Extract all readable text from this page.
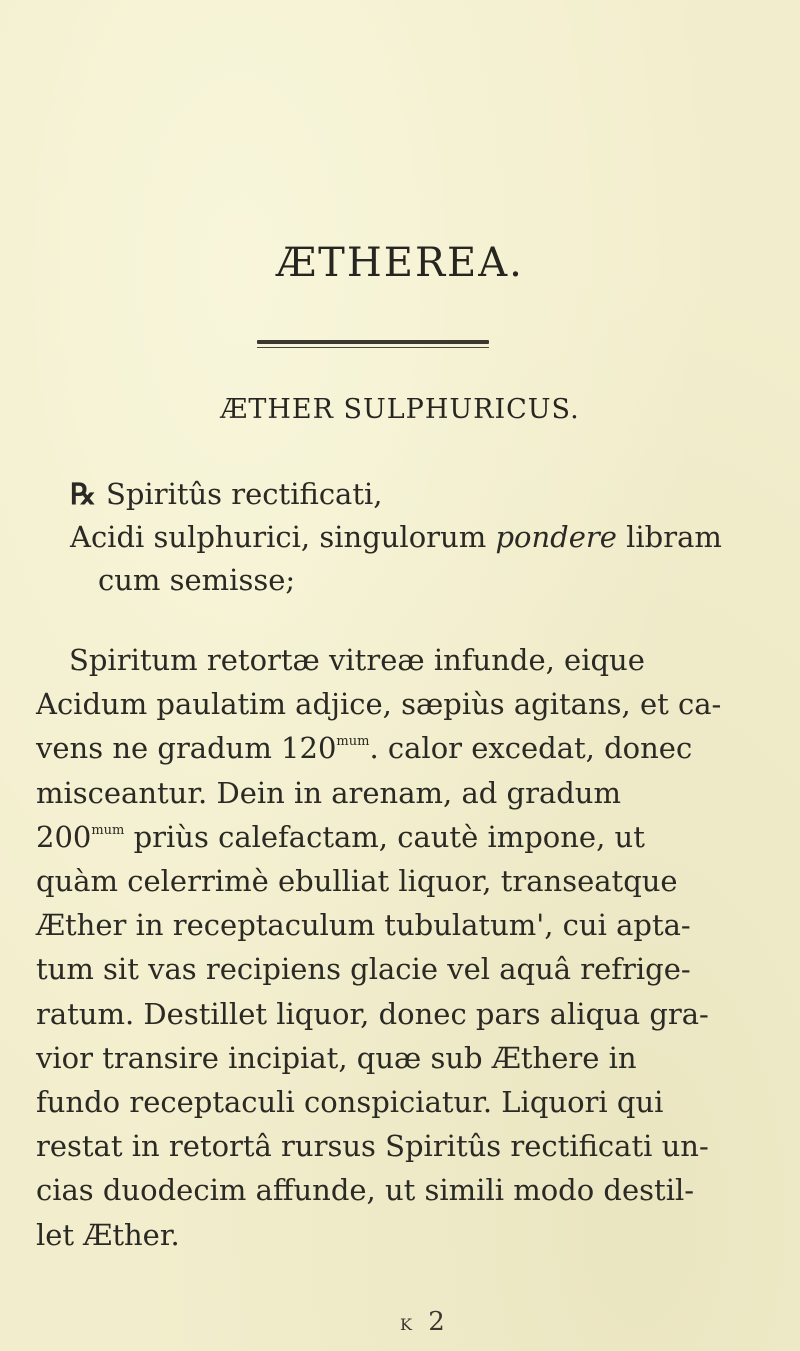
ÆTHEREA.
ÆTHER SULPHURICUS.
℞ Spiritûs rectificati,
Acidi sulphurici, singulorum pondere libram
cum semisse;
Spiritum retortæ vitreæ infunde, eique
Acidum paulatim adjice, sæpiùs agitans, et ca-
vens ne gradum $120^{mum}$. calor excedat, donec
misceantur. Dein in arenam, ad gradum
$200^{mum}$ priùs calefactam, cautè impone, ut
quàm celerrimè ebulliat liquor, transeatque
Æther in receptaculum tubulatum', cui apta-
tum sit vas recipiens glacie vel aquâ refrige-
ratum. Destillet liquor, donec pars aliqua gra-
vior transire incipiat, quæ sub Æthere in
fundo receptaculi conspiciatur. Liquori qui
restat in retortâ rursus Spiritûs rectificati un-
cias duodecim affunde, ut simili modo destil-
let Æther.
K 2
